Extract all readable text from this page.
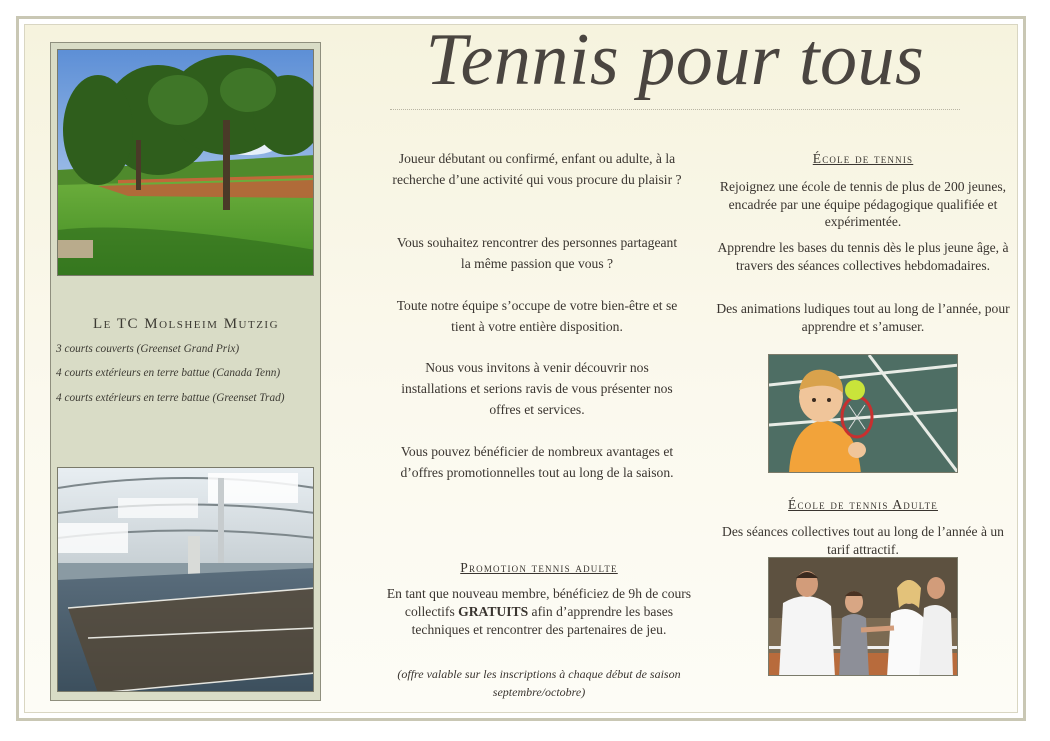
Le TC Molsheim Mutzig
3 courts couverts (Greenset Grand Prix)
4 courts extérieurs en terre battue (Canada Tenn)
4 courts extérieurs en terre battue (Greenset Trad)
Tennis pour tous
Joueur débutant ou confirmé, enfant ou adulte, à la recherche d’une activité qui vous procure du plaisir ?
Vous souhaitez rencontrer des personnes partageant la même passion que vous ?
Toute notre équipe s’occupe de votre bien-être et se tient à votre entière disposition.
Nous vous invitons à venir découvrir nos installations et serions ravis de vous présenter nos offres et services.
Vous pouvez bénéficier de nombreux avantages et d’offres promotionnelles tout au long de la saison.
Promotion tennis adulte
En tant que nouveau membre, bénéficiez de 9h de cours collectifs GRATUITS afin d’apprendre les bases techniques et rencontrer des partenaires de jeu.
(offre valable sur les inscriptions à chaque début de saison septembre/octobre)
École de tennis
Rejoignez une école de tennis de plus de 200 jeunes, encadrée par une équipe pédagogique qualifiée et expérimentée.
Apprendre les bases du tennis dès le plus jeune âge, à travers des séances collectives hebdomadaires.
Des animations ludiques tout au long de l’année, pour apprendre et s’amuser.
École de tennis Adulte
Des séances collectives tout au long de l’année à un tarif attractif.
